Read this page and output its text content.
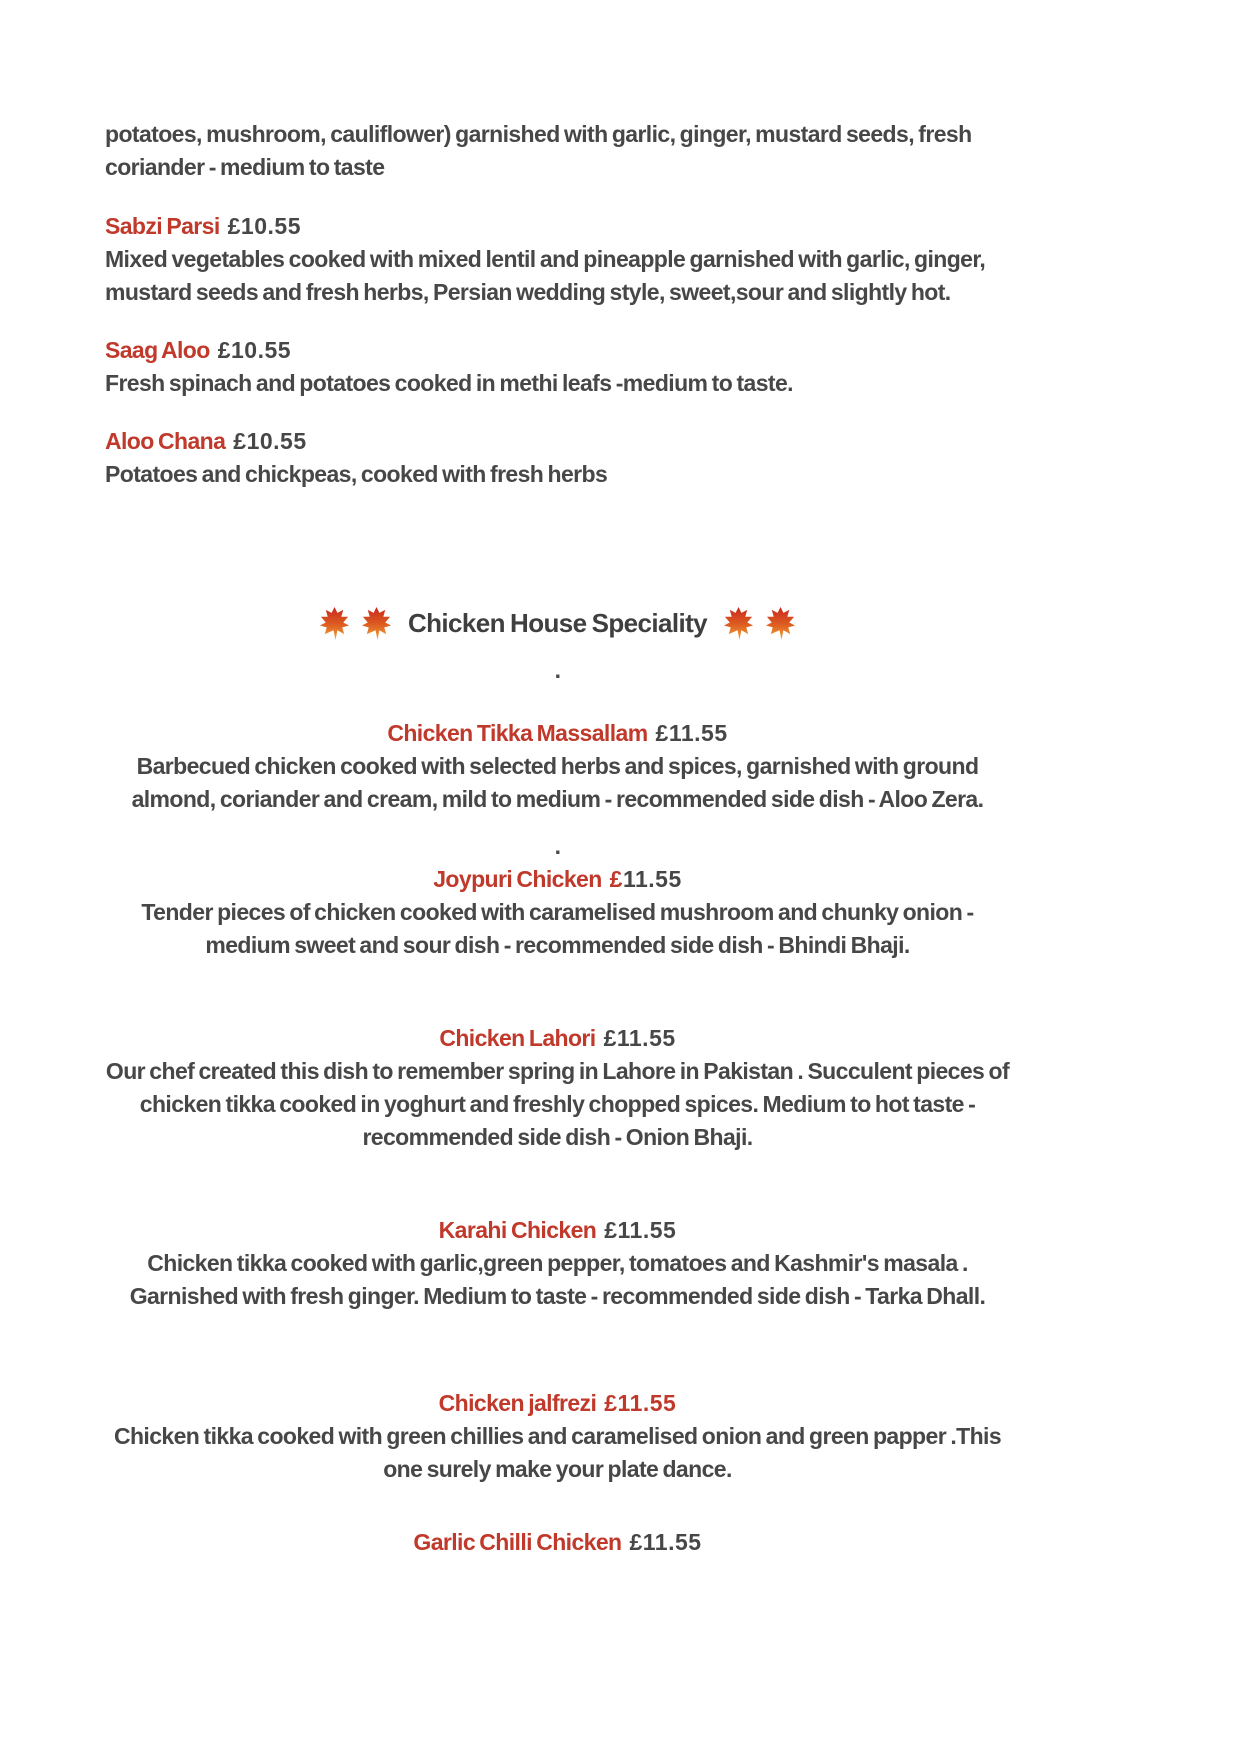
potatoes, mushroom, cauliflower) garnished with garlic, ginger, mustard seeds, fresh coriander - medium to taste

Sabzi Parsi £10.55
Mixed vegetables cooked with mixed lentil and pineapple garnished with garlic, ginger, mustard seeds and fresh herbs, Persian wedding style, sweet,sour and slightly hot.
Saag Aloo £10.55
Fresh spinach and potatoes cooked in methi leafs -medium to taste.
Aloo Chana £10.55
Potatoes and chickpeas, cooked with fresh herbs
Chicken House Speciality
.
Chicken Tikka Massallam £11.55
Barbecued chicken cooked with selected herbs and spices, garnished with ground almond, coriander and cream, mild to medium - recommended side dish - Aloo Zera.
.
Joypuri Chicken £11.55
Tender pieces of chicken cooked with caramelised mushroom and chunky onion - medium sweet and sour dish - recommended side dish - Bhindi Bhaji.
Chicken Lahori £11.55
Our chef created this dish to remember spring in Lahore in Pakistan . Succulent pieces of chicken tikka cooked in yoghurt and freshly chopped spices. Medium to hot taste - recommended side dish - Onion Bhaji.
Karahi Chicken £11.55
Chicken tikka cooked with garlic,green pepper, tomatoes and Kashmir's masala . Garnished with fresh ginger. Medium to taste - recommended side dish - Tarka Dhall.
Chicken jalfrezi £11.55
Chicken tikka cooked with green chillies and caramelised onion and green papper .This one surely make your plate dance.
Garlic Chilli Chicken £11.55
